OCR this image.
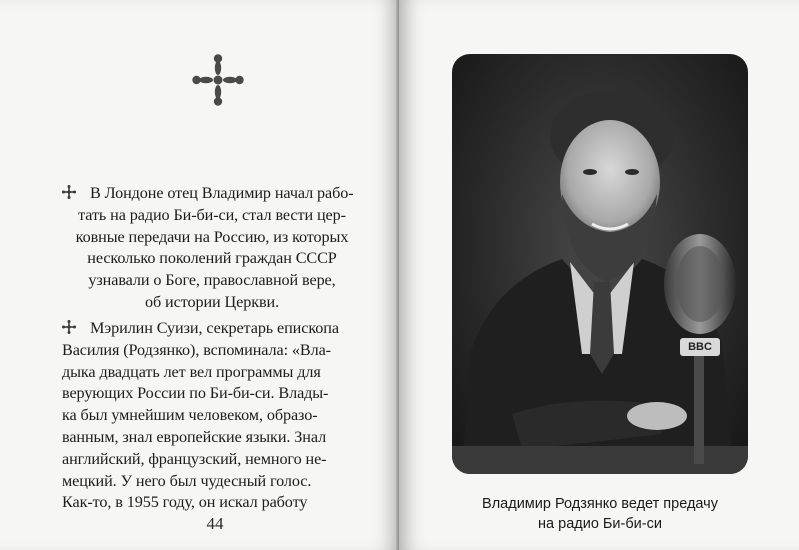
В Лондоне отец Владимир начал рабо-
тать на радио Би-би-си, стал вести цер-
ковные передачи на Россию, из которых
несколько поколений граждан СССР
узнавали о Боге, православной вере,
об истории Церкви.
Мэрилин Суизи, секретарь епископа
Василия (Родзянко), вспоминала: «Вла-
дыка двадцать лет вел программы для
верующих России по Би-би-си. Влады-
ка был умнейшим человеком, образо-
ванным, знал европейские языки. Знал
английский, французский, немного не-
мецкий. У него был чудесный голос.
Как-то, в 1955 году, он искал работу
44
BBC
Владимир Родзянко ведет предачу
на радио Би-би-си
